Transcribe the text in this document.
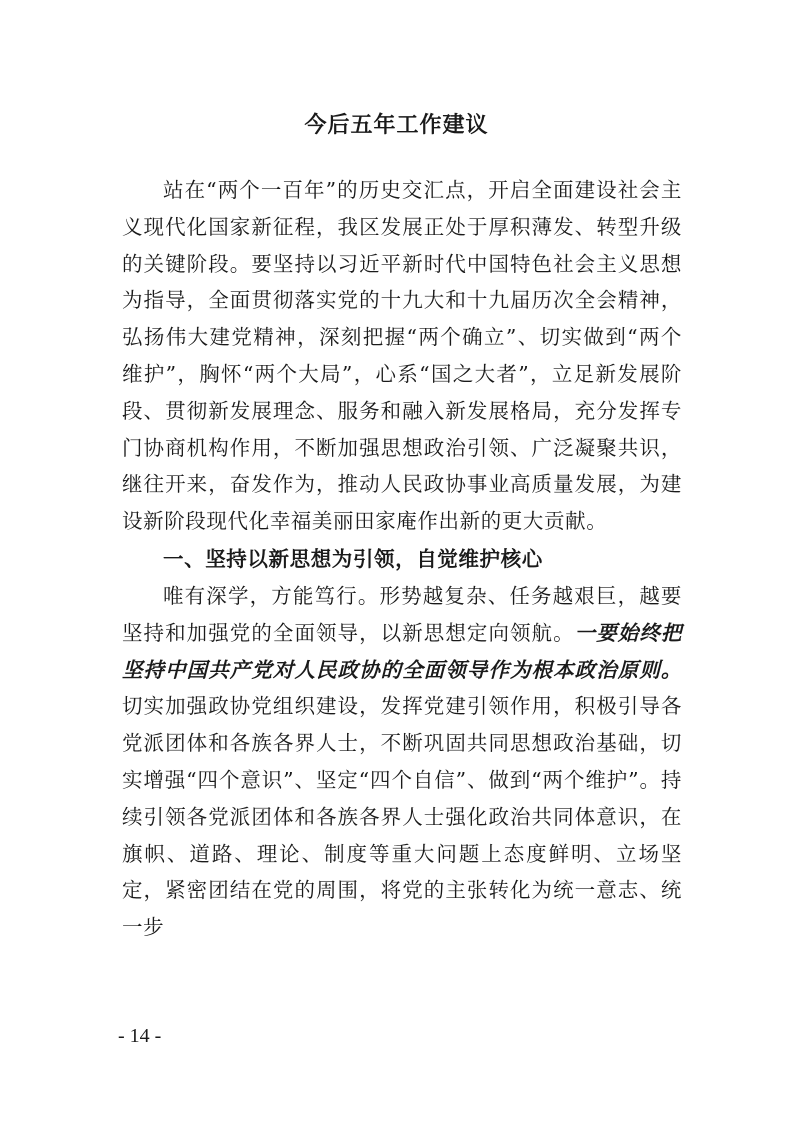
今后五年工作建议

站在“两个一百年”的历史交汇点，开启全面建设社会主义现代化国家新征程，我区发展正处于厚积薄发、转型升级的关键阶段。要坚持以习近平新时代中国特色社会主义思想为指导，全面贯彻落实党的十九大和十九届历次全会精神，弘扬伟大建党精神，深刻把握“两个确立”、切实做到“两个维护”，胸怀“两个大局”，心系“国之大者”，立足新发展阶段、贯彻新发展理念、服务和融入新发展格局，充分发挥专门协商机构作用，不断加强思想政治引领、广泛凝聚共识，继往开来，奋发作为，推动人民政协事业高质量发展，为建设新阶段现代化幸福美丽田家庵作出新的更大贡献。

一、坚持以新思想为引领，自觉维护核心

唯有深学，方能笃行。形势越复杂、任务越艰巨，越要坚持和加强党的全面领导，以新思想定向领航。一要始终把坚持中国共产党对人民政协的全面领导作为根本政治原则。切实加强政协党组织建设，发挥党建引领作用，积极引导各党派团体和各族各界人士，不断巩固共同思想政治基础，切实增强“四个意识”、坚定“四个自信”、做到“两个维护”。持续引领各党派团体和各族各界人士强化政治共同体意识，在旗帜、道路、理论、制度等重大问题上态度鲜明、立场坚定，紧密团结在党的周围，将党的主张转化为统一意志、统一步

- 14 -
